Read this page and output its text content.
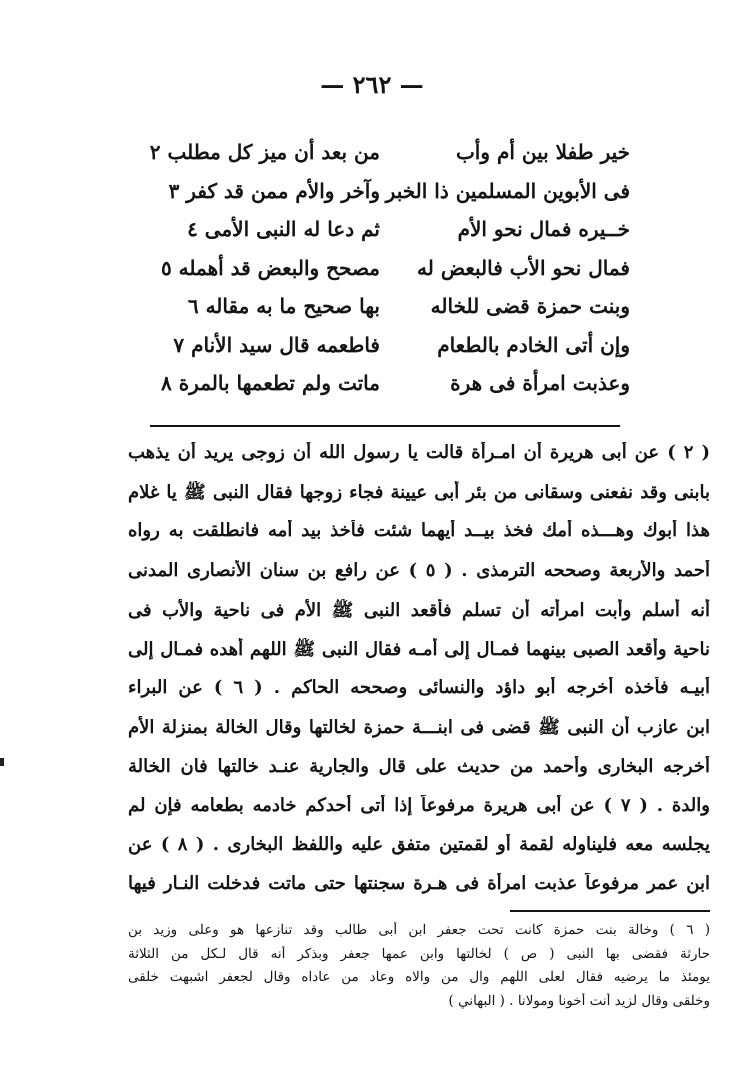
— ٢٦٢ —
خير طفلا بين أم وأب
من بعد أن ميز كل مطلب ٢
فى الأبوين المسلمين ذا الخبر
وآخر والأم ممن قد كفر ٣
خــيره فمال نحو الأم
ثم دعا له النبى الأمى ٤
فمال نحو الأب فالبعض له
مصحح والبعض قد أهمله ٥
وبنت حمزة قضى للخاله
بها صحيح ما به مقاله ٦
وإن أتى الخادم بالطعام
فاطعمه قال سيد الأنام ٧
وعذبت امرأة فى هرة
ماتت ولم تطعمها بالمرة ٨
( ٢ ) عن أبى هريرة أن امـرأة قالت يا رسول الله أن زوجى يريد أن يذهب
بابنى وقد نفعنى وسقانى من بئر أبى عيينة فجاء زوجها فقال النبى ﷺ يا غلام
هذا أبوك وهـــذه أمك فخذ بيــد أيهما شئت فأخذ بيد أمه فانطلقت به رواه
أحمد والأربعة وصححه الترمذى . ( ٥ ) عن رافع بن سنان الأنصارى المدنى
أنه أسلم وأبت امرأته أن تسلم فأقعد النبى ﷺ الأم فى ناحية والأب فى
ناحية وأقعد الصبى بينهما فمـال إلى أمـه فقال النبى ﷺ اللهم أهده فمـال إلى
أبيـه فأخذه أخرجه أبو داؤد والنسائى وصححه الحاكم . ( ٦ ) عن البراء
ابن عازب أن النبى ﷺ قضى فى ابنـــة حمزة لخالتها وقال الخالة بمنزلة الأم
أخرجه البخارى وأحمد من حديث على قال والجارية عنـد خالتها فان الخالة
والدة . ( ٧ ) عن أبى هريرة مرفوعاً إذا أتى أحدكم خادمه بطعامه فإن لم
يجلسه معه فليناوله لقمة أو لقمتين متفق عليه واللفظ البخارى . ( ٨ ) عن
ابن عمر مرفوعاً عذبت امرأة فى هـرة سجنتها حتى ماتت فدخلت النـار فيها
( ٦ ) وخالة بنت حمزة كانت تحت جعفر ابن أبى طالب وقد تنازعها هو وعلى وزيد بن
حارثة فقضى بها النبى ( ص ) لخالتها وابن عمها جعفر وبذكر أنه قال لـكل من الثلاثة
يومئذ ما يرضيه فقال لعلى اللهم وال من والاه وعاد من عاداه وقال لجعفر اشبهت خلقى
وخلقى وقال لزيد أنت أخونا ومولانا . ( البهاني )
